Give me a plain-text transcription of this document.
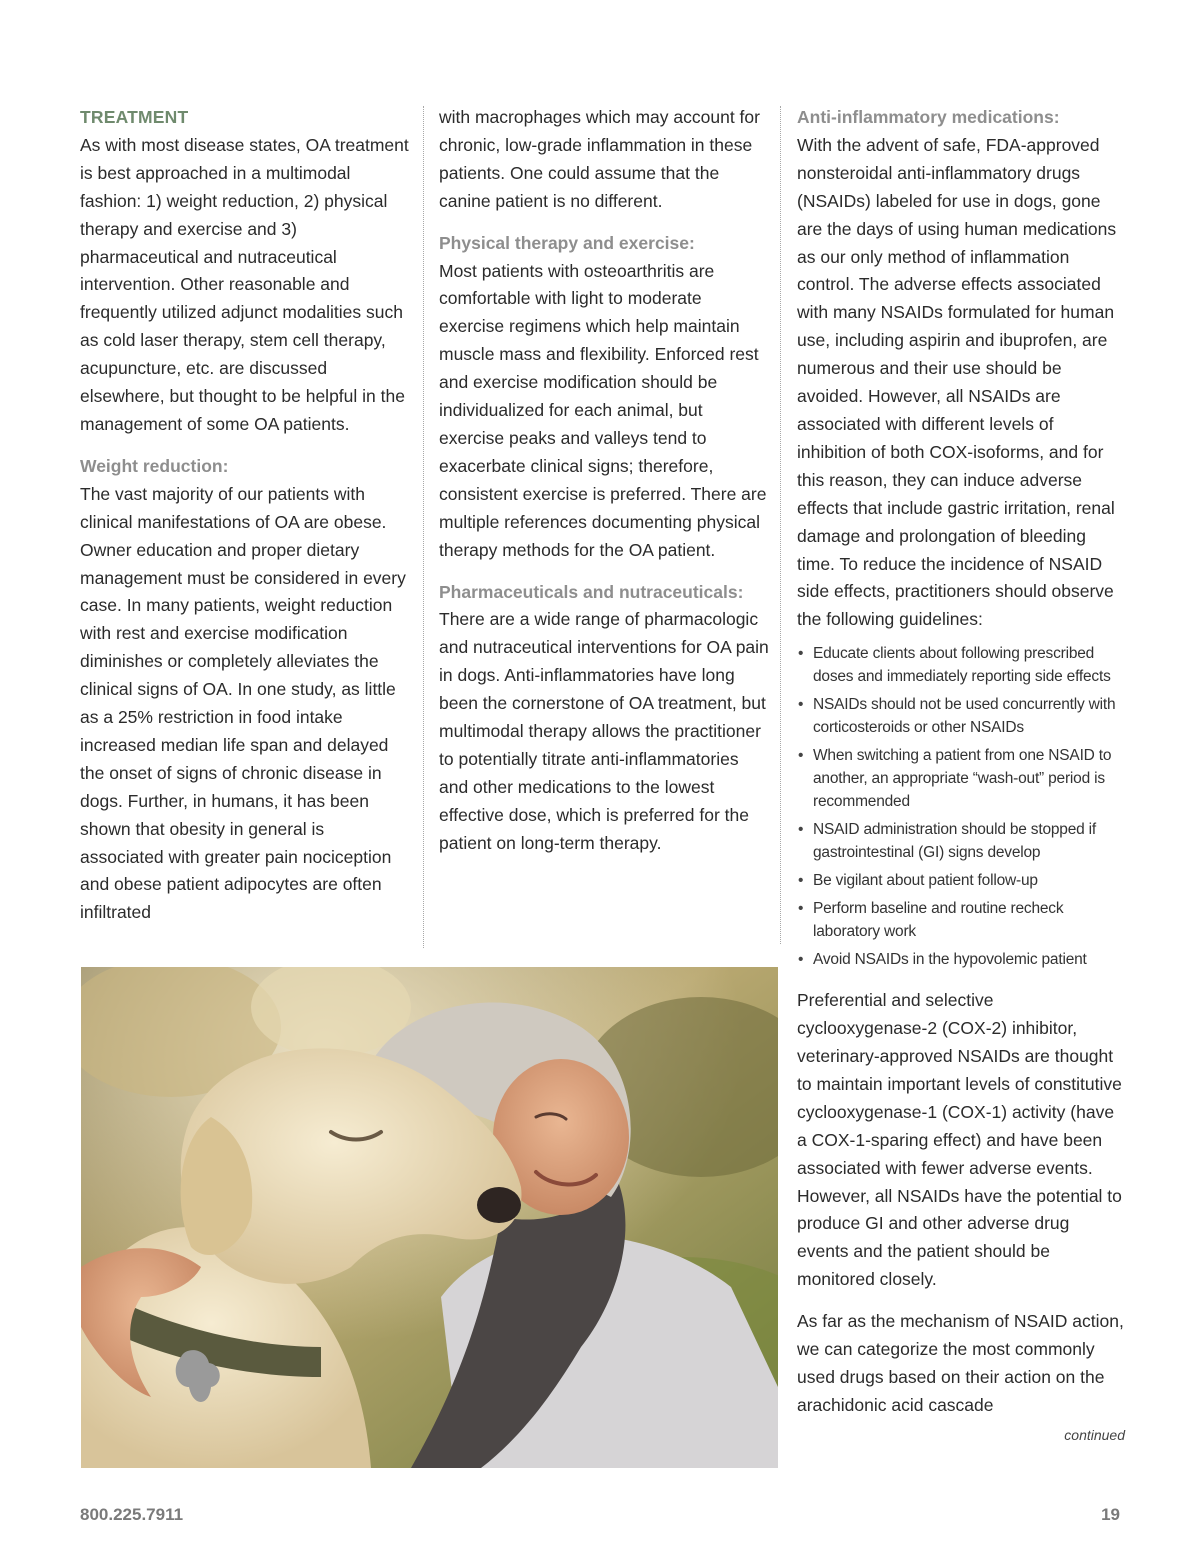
TREATMENT

As with most disease states, OA treatment is best approached in a multimodal fashion: 1) weight reduction, 2) physical therapy and exercise and 3) pharmaceutical and nutraceutical intervention. Other reasonable and frequently utilized adjunct modalities such as cold laser therapy, stem cell therapy, acupuncture, etc. are discussed elsewhere, but thought to be helpful in the management of some OA patients.

Weight reduction:

The vast majority of our patients with clinical manifestations of OA are obese. Owner education and proper dietary management must be considered in every case. In many patients, weight reduction with rest and exercise modification diminishes or completely alleviates the clinical signs of OA. In one study, as little as a 25% restriction in food intake increased median life span and delayed the onset of signs of chronic disease in dogs. Further, in humans, it has been shown that obesity in general is associated with greater pain nociception and obese patient adipocytes are often infiltrated

with macrophages which may account for chronic, low-grade inflammation in these patients. One could assume that the canine patient is no different.

Physical therapy and exercise:

Most patients with osteoarthritis are comfortable with light to moderate exercise regimens which help maintain muscle mass and flexibility. Enforced rest and exercise modification should be individualized for each animal, but exercise peaks and valleys tend to exacerbate clinical signs; therefore, consistent exercise is preferred. There are multiple references documenting physical therapy methods for the OA patient.

Pharmaceuticals and nutraceuticals:

There are a wide range of pharmacologic and nutraceutical interventions for OA pain in dogs. Anti-inflammatories have long been the cornerstone of OA treatment, but multimodal therapy allows the practitioner to potentially titrate anti-inflammatories and other medications to the lowest effective dose, which is preferred for the patient on long-term therapy.

Anti-inflammatory medications:

With the advent of safe, FDA-approved nonsteroidal anti-inflammatory drugs (NSAIDs) labeled for use in dogs, gone are the days of using human medications as our only method of inflammation control. The adverse effects associated with many NSAIDs formulated for human use, including aspirin and ibuprofen, are numerous and their use should be avoided. However, all NSAIDs are associated with different levels of inhibition of both COX-isoforms, and for this reason, they can induce adverse effects that include gastric irritation, renal damage and prolongation of bleeding time. To reduce the incidence of NSAID side effects, practitioners should observe the following guidelines:

• Educate clients about following prescribed doses and immediately reporting side effects
• NSAIDs should not be used concurrently with corticosteroids or other NSAIDs
• When switching a patient from one NSAID to another, an appropriate “wash-out” period is recommended
• NSAID administration should be stopped if gastrointestinal (GI) signs develop
• Be vigilant about patient follow-up
• Perform baseline and routine recheck laboratory work
• Avoid NSAIDs in the hypovolemic patient

Preferential and selective cyclooxygenase-2 (COX-2) inhibitor, veterinary-approved NSAIDs are thought to maintain important levels of constitutive cyclooxygenase-1 (COX-1) activity (have a COX-1-sparing effect) and have been associated with fewer adverse events. However, all NSAIDs have the potential to produce GI and other adverse drug events and the patient should be monitored closely.

As far as the mechanism of NSAID action, we can categorize the most commonly used drugs based on their action on the arachidonic acid cascade

continued

800.225.7911	19
